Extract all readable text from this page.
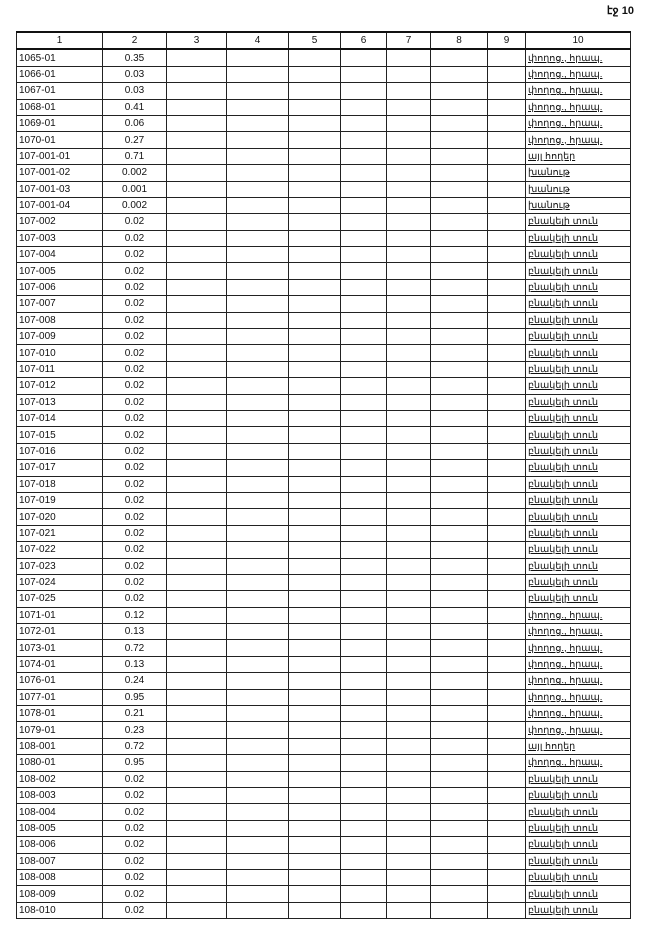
էջ 10
1	2	3	4	5	6	7	8	9	10
1065-01	0.35								փողոց., հրապ.
1066-01	0.03								փողոց., հրապ.
1067-01	0.03								փողոց., հրապ.
1068-01	0.41								փողոց., հրապ.
1069-01	0.06								փողոց., հրապ.
1070-01	0.27								փողոց., հրապ.
107-001-01	0.71								այլ հողեր
107-001-02	0.002								խանութ
107-001-03	0.001								խանութ
107-001-04	0.002								խանութ
107-002	0.02								բնակելի տուն
107-003	0.02								բնակելի տուն
107-004	0.02								բնակելի տուն
107-005	0.02								բնակելի տուն
107-006	0.02								բնակելի տուն
107-007	0.02								բնակելի տուն
107-008	0.02								բնակելի տուն
107-009	0.02								բնակելի տուն
107-010	0.02								բնակելի տուն
107-011	0.02								բնակելի տուն
107-012	0.02								բնակելի տուն
107-013	0.02								բնակելի տուն
107-014	0.02								բնակելի տուն
107-015	0.02								բնակելի տուն
107-016	0.02								բնակելի տուն
107-017	0.02								բնակելի տուն
107-018	0.02								բնակելի տուն
107-019	0.02								բնակելի տուն
107-020	0.02								բնակելի տուն
107-021	0.02								բնակելի տուն
107-022	0.02								բնակելի տուն
107-023	0.02								բնակելի տուն
107-024	0.02								բնակելի տուն
107-025	0.02								բնակելի տուն
1071-01	0.12								փողոց., հրապ.
1072-01	0.13								փողոց., հրապ.
1073-01	0.72								փողոց., հրապ.
1074-01	0.13								փողոց., հրապ.
1076-01	0.24								փողոց., հրապ.
1077-01	0.95								փողոց., հրապ.
1078-01	0.21								փողոց., հրապ.
1079-01	0.23								փողոց., հրապ.
108-001	0.72								այլ հողեր
1080-01	0.95								փողոց., հրապ.
108-002	0.02								բնակելի տուն
108-003	0.02								բնակելի տուն
108-004	0.02								բնակելի տուն
108-005	0.02								բնակելի տուն
108-006	0.02								բնակելի տուն
108-007	0.02								բնակելի տուն
108-008	0.02								բնակելի տուն
108-009	0.02								բնակելի տուն
108-010	0.02								բնակելի տուն
